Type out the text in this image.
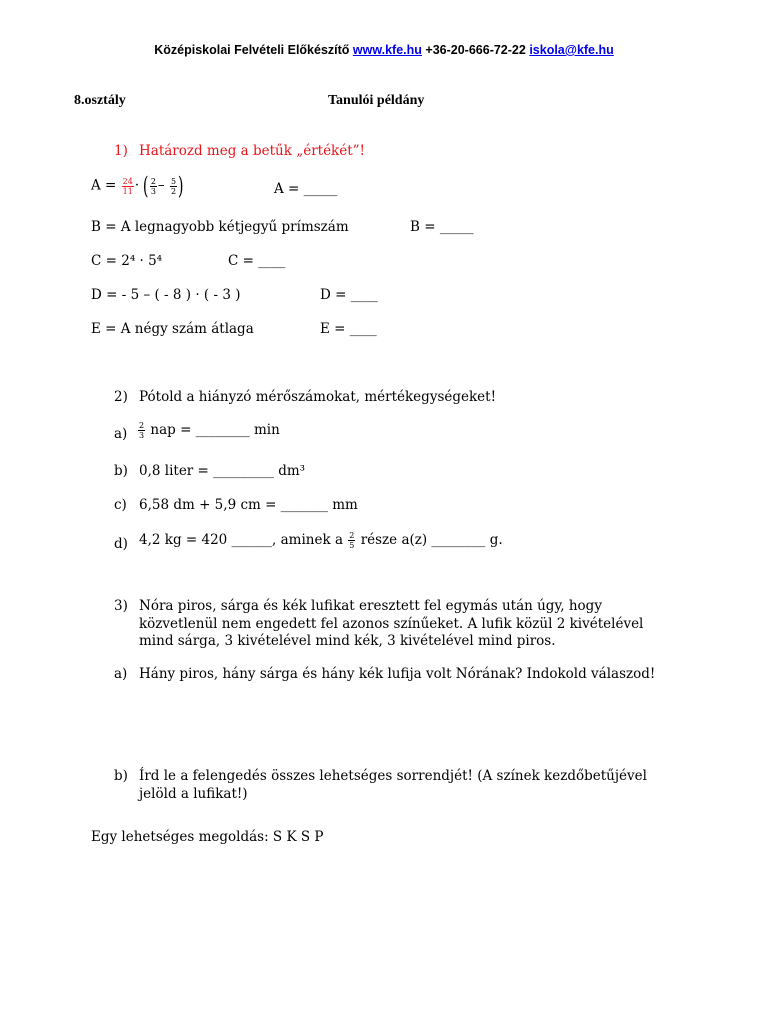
Középiskolai Felvételi Előkészítő www.kfe.hu +36-20-666-72-22 iskola@kfe.hu
8.osztály	Tanulói példány
1) Határozd meg a betűk „értékét”!
$A = \frac{24}{11}$ · ( $\frac{2}{3} - \frac{5}{2}$ )	A = _____
B = A legnagyobb kétjegyű prímszám	B = _____
C = 2⁴ · 5⁴	C = ____
D = - 5 – ( - 8 ) · ( - 3 )	D = ____
E = A négy szám átlaga	E = ____
2) Pótold a hiányzó mérőszámokat, mértékegységeket!
$a) \frac{2}{3}$ nap = ________ min
b) 0,8 liter = _________ dm³
c) 6,58 dm + 5,9 cm = _______ mm
d) 4,2 kg = 420 ______, aminek a $\frac{2}{5}$ része a(z) ________ g.
3) Nóra piros, sárga és kék lufikat eresztett fel egymás után úgy, hogy
közvetlenül nem engedett fel azonos színűeket. A lufik közül 2 kivételével
mind sárga, 3 kivételével mind kék, 3 kivételével mind piros.
a) Hány piros, hány sárga és hány kék lufija volt Nórának? Indokold válaszod!
b) Írd le a felengedés összes lehetséges sorrendjét! (A színek kezdőbetűjével
jelöld a lufikat!)
Egy lehetséges megoldás: S K S P
